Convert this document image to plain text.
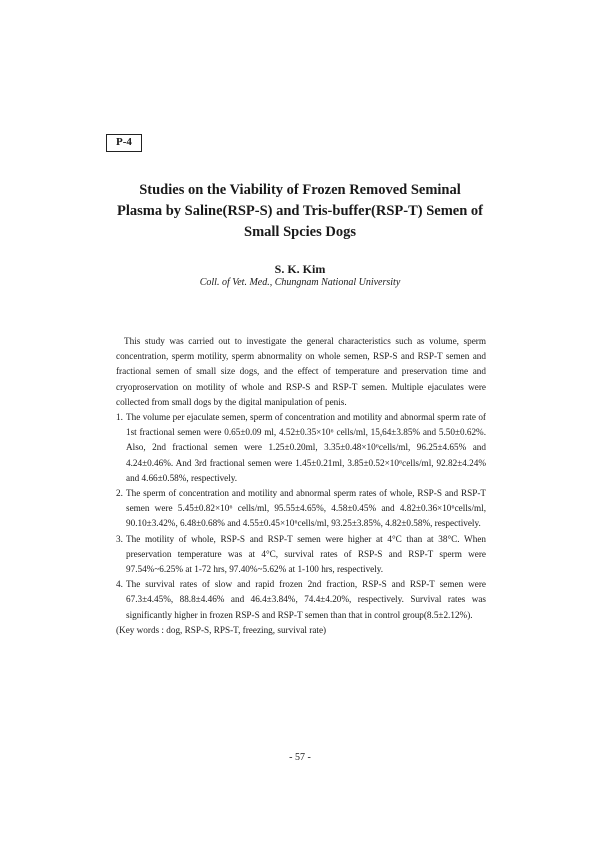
P-4
Studies on the Viability of Frozen Removed Seminal
Plasma by Saline(RSP-S) and Tris-buffer(RSP-T) Semen of
Small Spcies Dogs
S. K. Kim
Coll. of Vet. Med., Chungnam National University

This study was carried out to investigate the general characteristics such as volume, sperm concentration, sperm motility, sperm abnormality on whole semen, RSP-S and RSP-T semen and fractional semen of small size dogs, and the effect of temperature and preservation time and cryoproservation on motility of whole and RSP-S and RSP-T semen. Multiple ejaculates were collected from small dogs by the digital manipulation of penis.

1. The volume per ejaculate semen, sperm of concentration and motility and abnormal sperm rate of 1st fractional semen were 0.65±0.09 ml, 4.52±0.35×10⁶ cells/ml, 15,64±3.85% and 5.50±0.62%. Also, 2nd fractional semen were 1.25±0.20ml, 3.35±0.48×10⁶cells/ml, 96.25±4.65% and 4.24±0.46%. And 3rd fractional semen were 1.45±0.21ml, 3.85±0.52×10⁶cells/ml, 92.82±4.24% and 4.66±0.58%, respectively.
2. The sperm of concentration and motility and abnormal sperm rates of whole, RSP-S and RSP-T semen were 5.45±0.82×10⁶ cells/ml, 95.55±4.65%, 4.58±0.45% and 4.82±0.36×10⁶cells/ml, 90.10±3.42%, 6.48±0.68% and 4.55±0.45×10⁶cells/ml, 93.25±3.85%, 4.82±0.58%, respectively.
3. The motility of whole, RSP-S and RSP-T semen were higher at 4°C than at 38°C. When preservation temperature was at 4°C, survival rates of RSP-S and RSP-T sperm were 97.54%~6.25% at 1-72 hrs, 97.40%~5.62% at 1-100 hrs, respectively.
4. The survival rates of slow and rapid frozen 2nd fraction, RSP-S and RSP-T semen were 67.3±4.45%, 88.8±4.46% and 46.4±3.84%, 74.4±4.20%, respectively. Survival rates was significantly higher in frozen RSP-S and RSP-T semen than that in control group(8.5±2.12%).

(Key words : dog, RSP-S, RPS-T, freezing, survival rate)

- 57 -
